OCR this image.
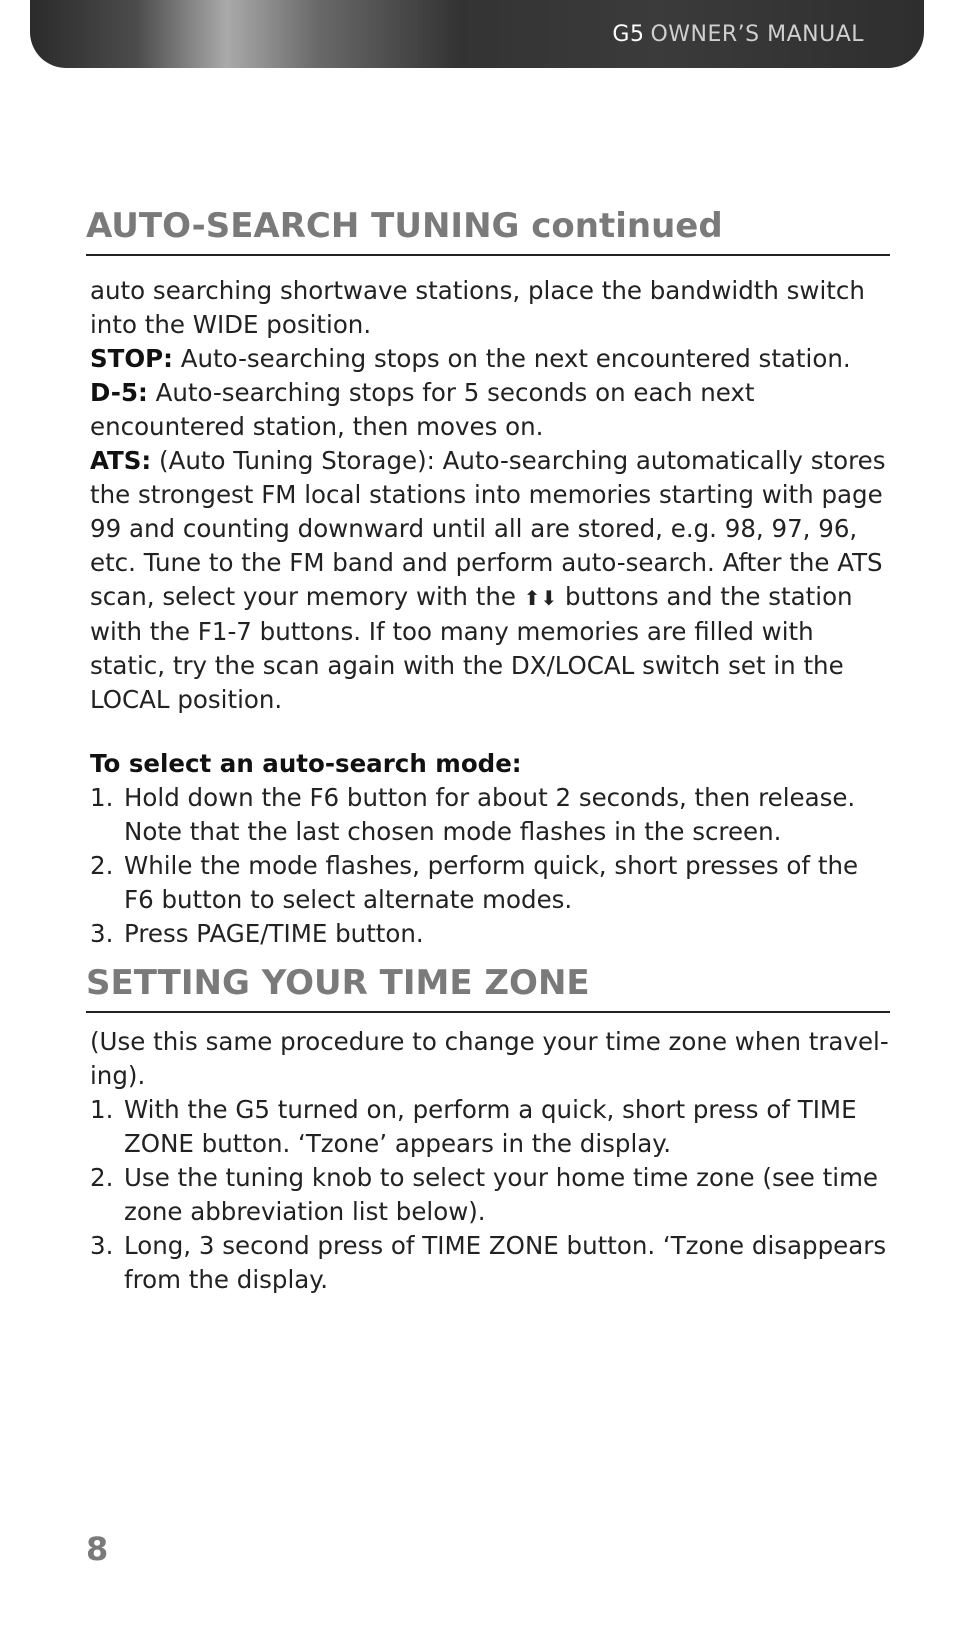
G5 OWNER’S MANUAL
AUTO-SEARCH TUNING continued

auto searching shortwave stations, place the bandwidth switch into the WIDE position.

STOP: Auto-searching stops on the next encountered station.

D-5: Auto-searching stops for 5 seconds on each next encountered station, then moves on.

ATS: (Auto Tuning Storage): Auto-searching automatically stores the strongest FM local stations into memories starting with page 99 and counting downward until all are stored, e.g. 98, 97, 96, etc. Tune to the FM band and perform auto-search. After the ATS scan, select your memory with the ⬆⬇ buttons and the station with the F1-7 buttons. If too many memories are filled with static, try the scan again with the DX/LOCAL switch set in the LOCAL position.

To select an auto-search mode:

1. Hold down the F6 button for about 2 seconds, then release. Note that the last chosen mode flashes in the screen.
2. While the mode flashes, perform quick, short presses of the F6 button to select alternate modes.
3. Press PAGE/TIME button.
SETTING YOUR TIME ZONE

(Use this same procedure to change your time zone when travel-ing).

1. With the G5 turned on, perform a quick, short press of TIME ZONE button. ‘Tzone’ appears in the display.
2. Use the tuning knob to select your home time zone (see time zone abbreviation list below).
3. Long, 3 second press of TIME ZONE button. ‘Tzone disappears from the display.
8
